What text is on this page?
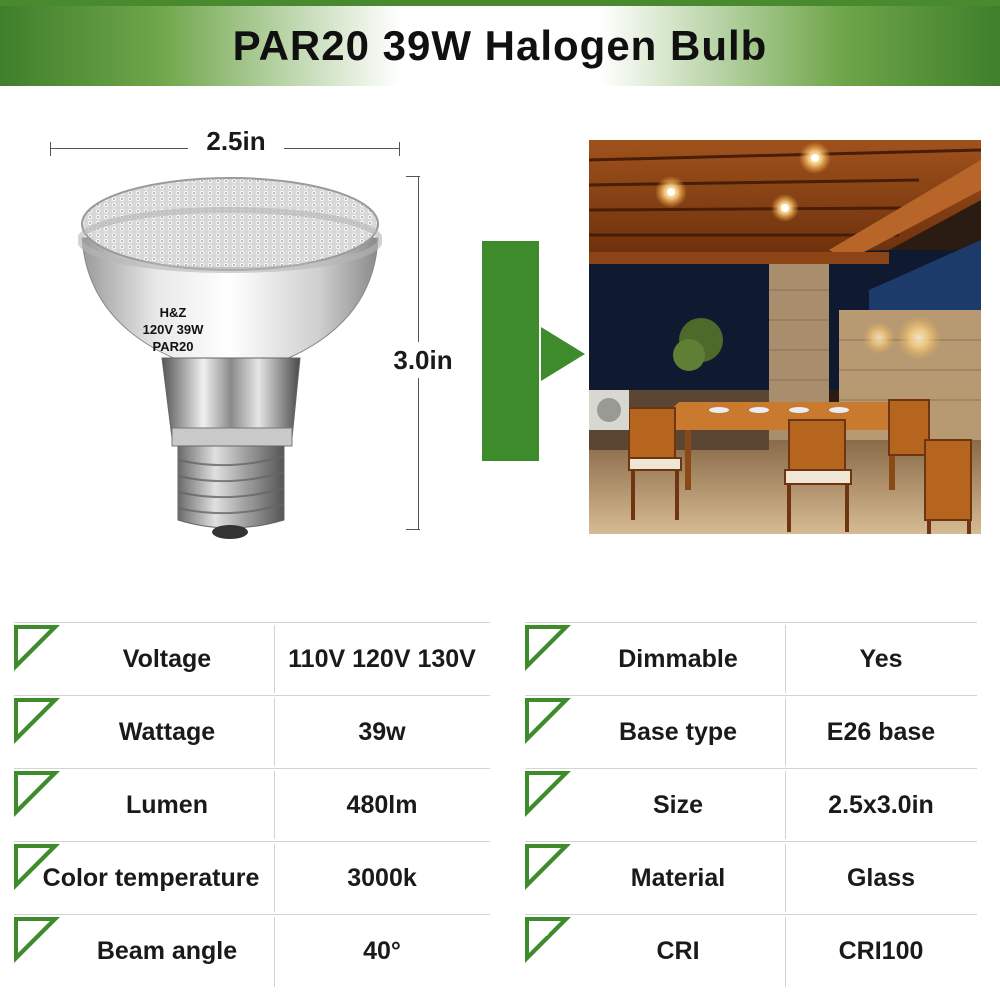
PAR20 39W Halogen Bulb
2.5in
3.0in
H&Z
120V 39W
PAR20
1
Voltage	110V 120V 130V
2
Wattage	39w
3
Lumen	480lm
4
Color temperature	3000k
5
Beam angle	40°
6
Dimmable	Yes
7
Base type	E26 base
8
Size	2.5x3.0in
9
Material	Glass
10
CRI	CRI100
